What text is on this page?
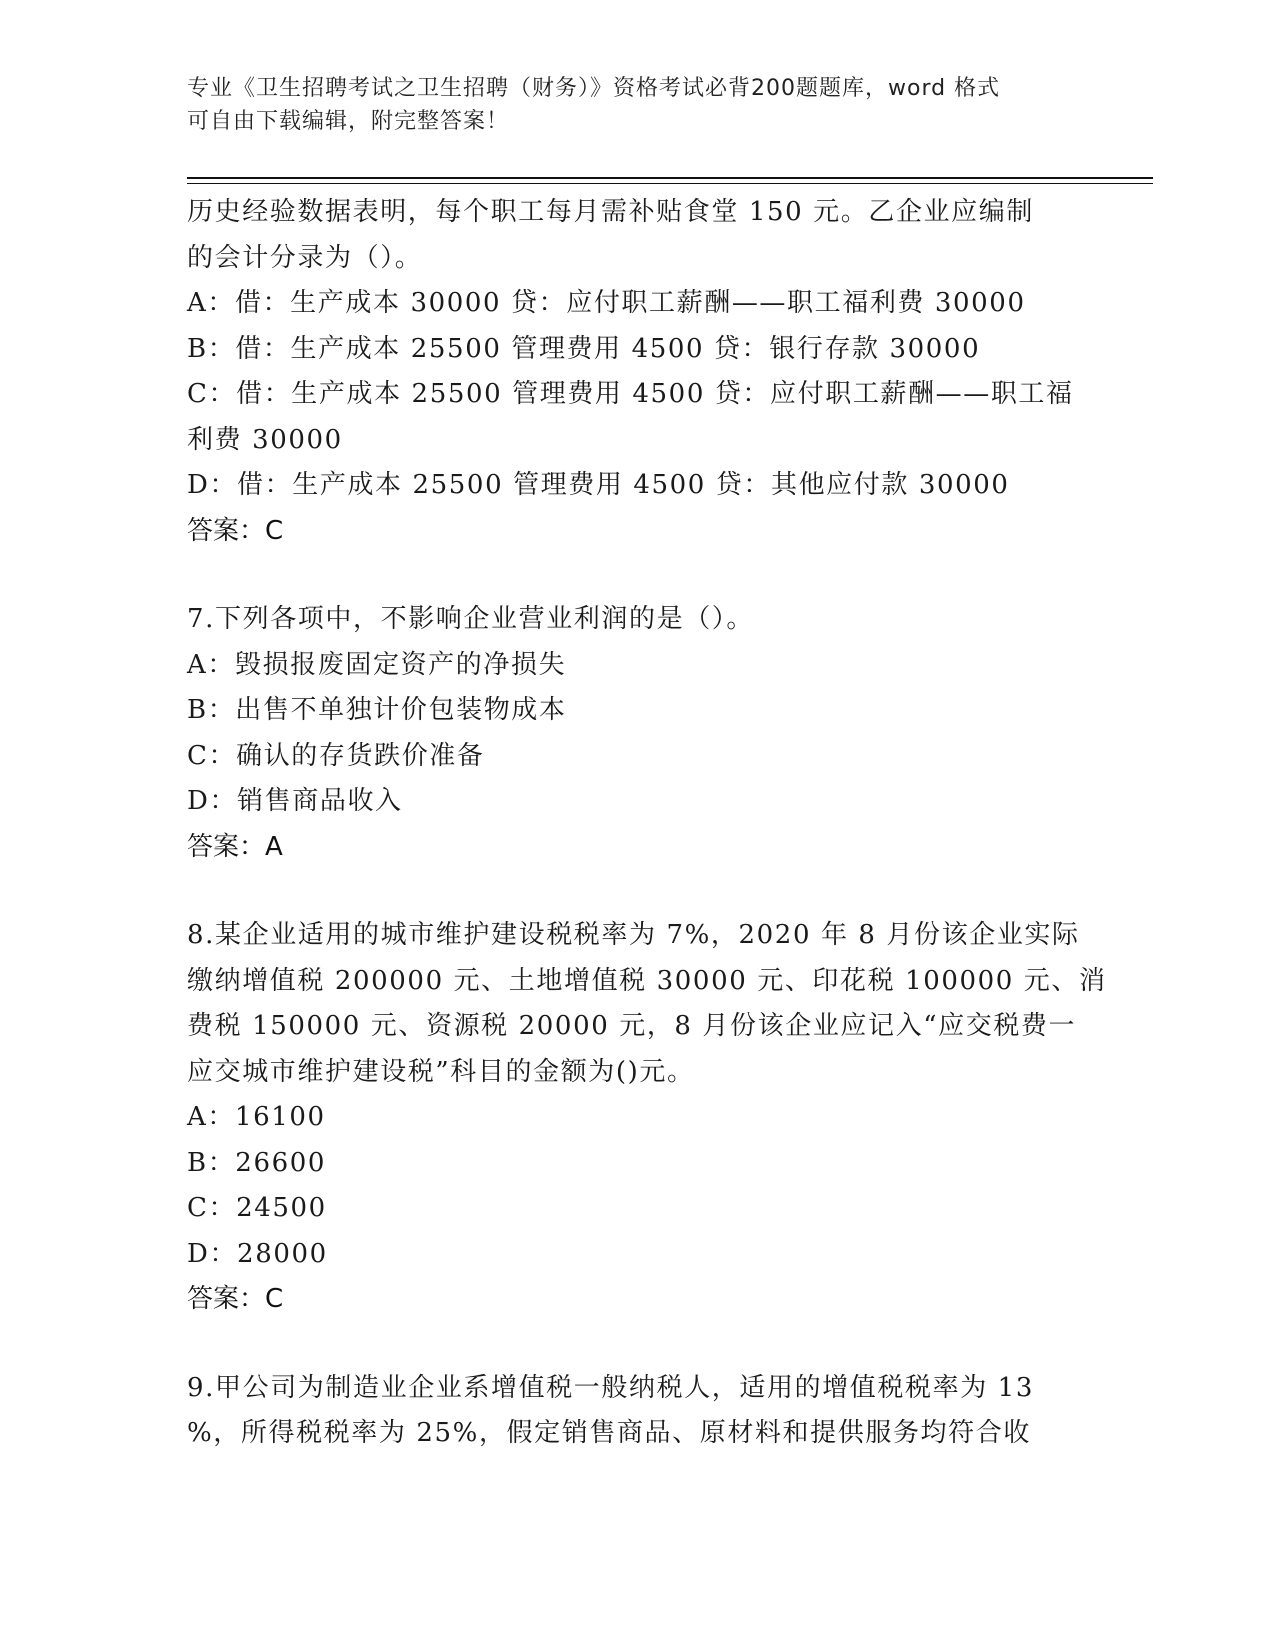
专业《卫生招聘考试之卫生招聘（财务）》资格考试必背200题题库，word 格式
可自由下载编辑，附完整答案！
历史经验数据表明，每个职工每月需补贴食堂 150 元。乙企业应编制
的会计分录为（）。
A：借：生产成本 30000 贷：应付职工薪酬——职工福利费 30000
B：借：生产成本 25500 管理费用 4500 贷：银行存款 30000
C：借：生产成本 25500 管理费用 4500 贷：应付职工薪酬——职工福
利费 30000
D：借：生产成本 25500 管理费用 4500 贷：其他应付款 30000
答案：C
7.下列各项中，不影响企业营业利润的是（）。
A：毁损报废固定资产的净损失
B：出售不单独计价包装物成本
C：确认的存货跌价准备
D：销售商品收入
答案：A
8.某企业适用的城市维护建设税税率为 7%，2020 年 8 月份该企业实际
缴纳增值税 200000 元、土地增值税 30000 元、印花税 100000 元、消
费税 150000 元、资源税 20000 元，8 月份该企业应记入“应交税费一
应交城市维护建设税”科目的金额为()元。
A：16100
B：26600
C：24500
D：28000
答案：C
9.甲公司为制造业企业系增值税一般纳税人，适用的增值税税率为 13
%，所得税税率为 25%，假定销售商品、原材料和提供服务均符合收
